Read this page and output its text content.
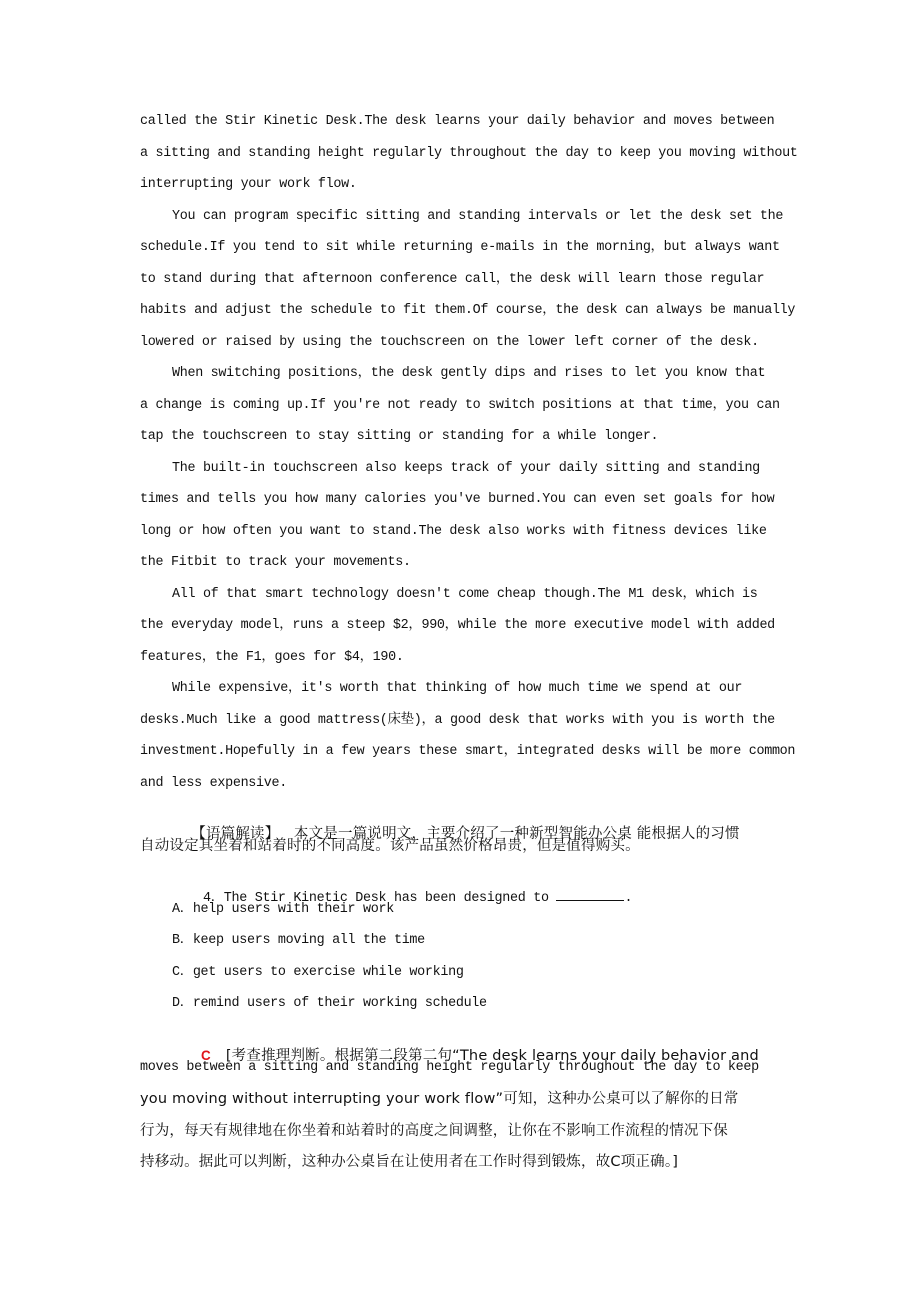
called the Stir Kinetic Desk.The desk learns your daily behavior and moves between
a sitting and standing height regularly throughout the day to keep you moving without
interrupting your work flow.
You can program specific sitting and standing intervals or let the desk set the
schedule.If you tend to sit while returning e-mails in the morning，but always want
to stand during that afternoon conference call，the desk will learn those regular
habits and adjust the schedule to fit them.Of course，the desk can always be manually
lowered or raised by using the touchscreen on the lower left corner of the desk.
When switching positions，the desk gently dips and rises to let you know that
a change is coming up.If you're not ready to switch positions at that time，you can
tap the touchscreen to stay sitting or standing for a while longer.
The built-in touchscreen also keeps track of your daily sitting and standing
times and tells you how many calories you've burned.You can even set goals for how
long or how often you want to stand.The desk also works with fitness devices like
the Fitbit to track your movements.
All of that smart technology doesn't come cheap though.The M1 desk，which is
the everyday model，runs a steep $2，990，while the more executive model with added
features，the F1，goes for $4，190.
While expensive，it's worth that thinking of how much time we spend at our
desks.Much like a good mattress(床垫)，a good desk that works with you is worth the
investment.Hopefully in a few years these smart，integrated desks will be more common
and less expensive.

【语篇解读】 本文是一篇说明文，主要介绍了一种新型智能办公桌 能根据人的习惯

自动设定其坐着和站着时的不同高度。该产品虽然价格昂贵，但是值得购买。

4．The Stir Kinetic Desk has been designed to	.

A．help users with their work
B．keep users moving all the time
C．get users to exercise while working
D．remind users of their working schedule

C [考查推理判断。根据第二段第二句“The desk learns your daily behavior and

moves between a sitting and standing height regularly throughout the day to keep
you moving without interrupting your work flow”可知，这种办公桌可以了解你的日常
行为，每天有规律地在你坐着和站着时的高度之间调整，让你在不影响工作流程的情况下保
持移动。据此可以判断，这种办公桌旨在让使用者在工作时得到锻炼，故C项正确。]
